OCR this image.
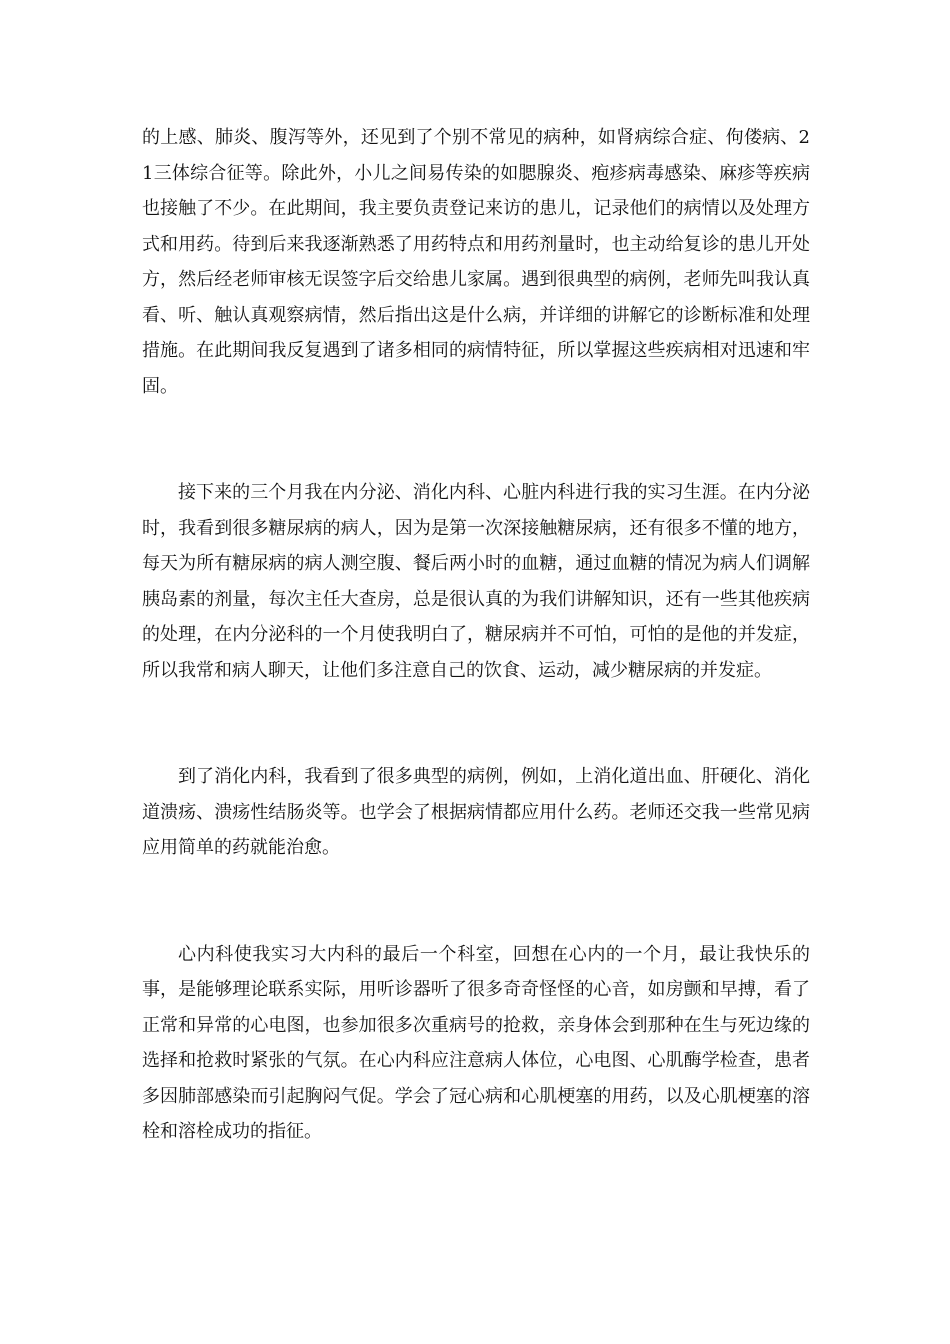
的上感、肺炎、腹泻等外，还见到了个别不常见的病种，如肾病综合症、佝偻病、21三体综合征等。除此外，小儿之间易传染的如腮腺炎、疱疹病毒感染、麻疹等疾病也接触了不少。在此期间，我主要负责登记来访的患儿，记录他们的病情以及处理方式和用药。待到后来我逐渐熟悉了用药特点和用药剂量时，也主动给复诊的患儿开处方，然后经老师审核无误签字后交给患儿家属。遇到很典型的病例，老师先叫我认真看、听、触认真观察病情，然后指出这是什么病，并详细的讲解它的诊断标准和处理措施。在此期间我反复遇到了诸多相同的病情特征，所以掌握这些疾病相对迅速和牢固。

接下来的三个月我在内分泌、消化内科、心脏内科进行我的实习生涯。在内分泌时，我看到很多糖尿病的病人，因为是第一次深接触糖尿病，还有很多不懂的地方，每天为所有糖尿病的病人测空腹、餐后两小时的血糖，通过血糖的情况为病人们调解胰岛素的剂量，每次主任大查房，总是很认真的为我们讲解知识，还有一些其他疾病的处理，在内分泌科的一个月使我明白了，糖尿病并不可怕，可怕的是他的并发症，所以我常和病人聊天，让他们多注意自己的饮食、运动，减少糖尿病的并发症。

到了消化内科，我看到了很多典型的病例，例如，上消化道出血、肝硬化、消化道溃疡、溃疡性结肠炎等。也学会了根据病情都应用什么药。老师还交我一些常见病应用简单的药就能治愈。

心内科使我实习大内科的最后一个科室，回想在心内的一个月，最让我快乐的事，是能够理论联系实际，用听诊器听了很多奇奇怪怪的心音，如房颤和早搏，看了正常和异常的心电图，也参加很多次重病号的抢救，亲身体会到那种在生与死边缘的选择和抢救时紧张的气氛。在心内科应注意病人体位，心电图、心肌酶学检查，患者多因肺部感染而引起胸闷气促。学会了冠心病和心肌梗塞的用药，以及心肌梗塞的溶栓和溶栓成功的指征。
